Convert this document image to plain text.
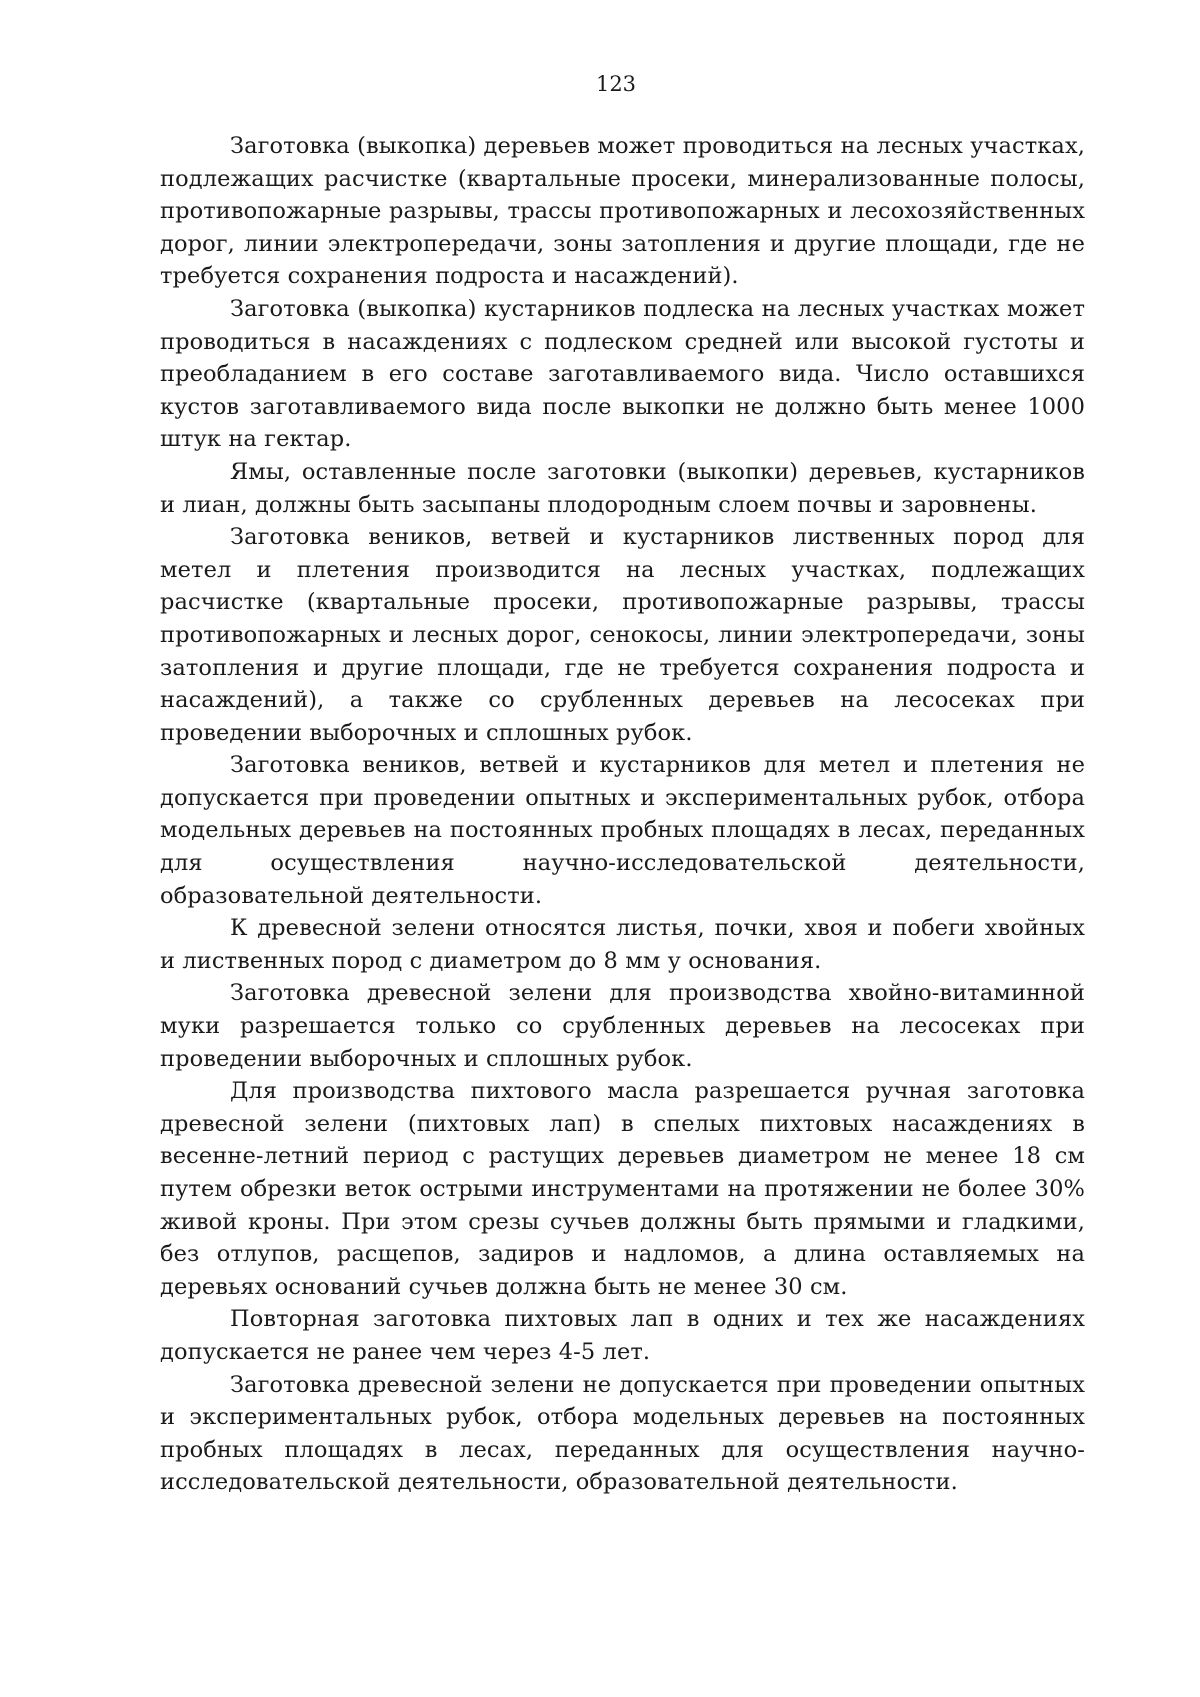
123

Заготовка (выкопка) деревьев может проводиться на лесных участках, подлежащих расчистке (квартальные просеки, минерализованные полосы, противопожарные разрывы, трассы противопожарных и лесохозяйственных дорог, линии электропередачи, зоны затопления и другие площади, где не требуется сохранения подроста и насаждений).

Заготовка (выкопка) кустарников подлеска на лесных участках может проводиться в насаждениях с подлеском средней или высокой густоты и преобладанием в его составе заготавливаемого вида. Число оставшихся кустов заготавливаемого вида после выкопки не должно быть менее 1000 штук на гектар.

Ямы, оставленные после заготовки (выкопки) деревьев, кустарников и лиан, должны быть засыпаны плодородным слоем почвы и заровнены.

Заготовка веников, ветвей и кустарников лиственных пород для метел и плетения производится на лесных участках, подлежащих расчистке (квартальные просеки, противопожарные разрывы, трассы противопожарных и лесных дорог, сенокосы, линии электропередачи, зоны затопления и другие площади, где не требуется сохранения подроста и насаждений), а также со срубленных деревьев на лесосеках при проведении выборочных и сплошных рубок.

Заготовка веников, ветвей и кустарников для метел и плетения не допускается при проведении опытных и экспериментальных рубок, отбора модельных деревьев на постоянных пробных площадях в лесах, переданных для осуществления научно-исследовательской деятельности, образовательной деятельности.

К древесной зелени относятся листья, почки, хвоя и побеги хвойных и лиственных пород с диаметром до 8 мм у основания.

Заготовка древесной зелени для производства хвойно-витаминной муки разрешается только со срубленных деревьев на лесосеках при проведении выборочных и сплошных рубок.

Для производства пихтового масла разрешается ручная заготовка древесной зелени (пихтовых лап) в спелых пихтовых насаждениях в весенне-летний период с растущих деревьев диаметром не менее 18 см путем обрезки веток острыми инструментами на протяжении не более 30% живой кроны. При этом срезы сучьев должны быть прямыми и гладкими, без отлупов, расщепов, задиров и надломов, а длина оставляемых на деревьях оснований сучьев должна быть не менее 30 см.

Повторная заготовка пихтовых лап в одних и тех же насаждениях допускается не ранее чем через 4-5 лет.

Заготовка древесной зелени не допускается при проведении опытных и экспериментальных рубок, отбора модельных деревьев на постоянных пробных площадях в лесах, переданных для осуществления научно-исследовательской деятельности, образовательной деятельности.
